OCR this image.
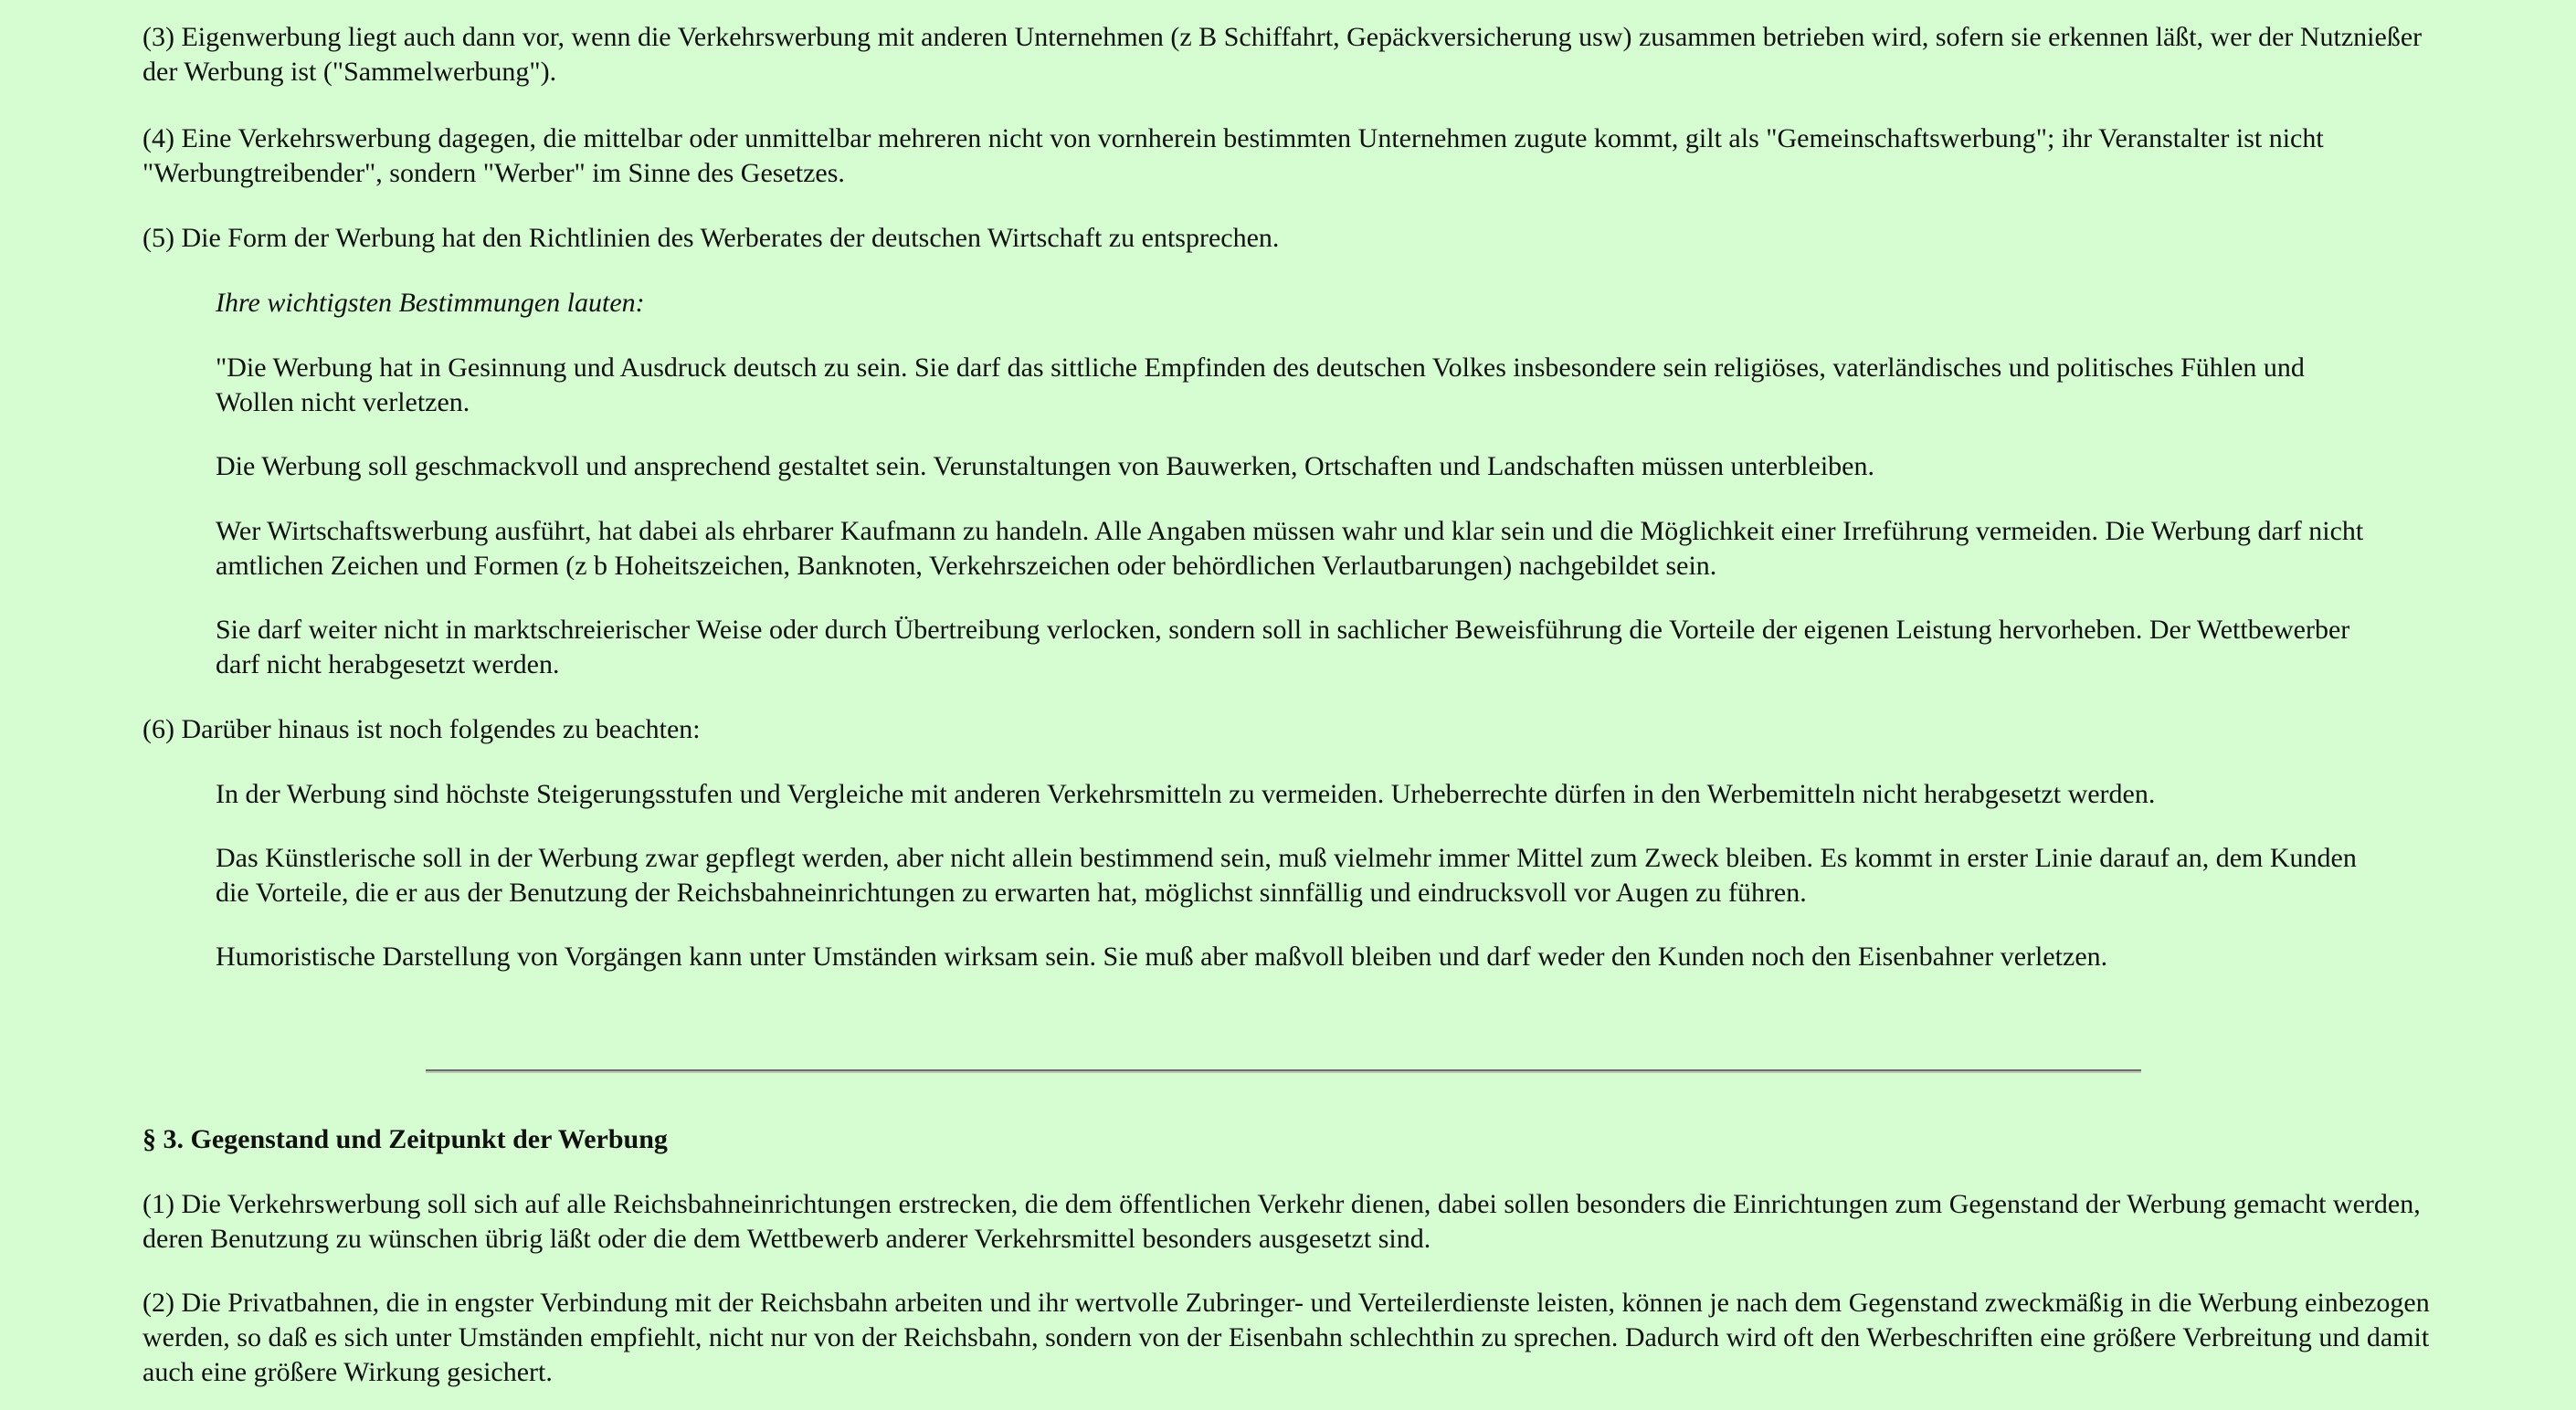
(3) Eigenwerbung liegt auch dann vor, wenn die Verkehrswerbung mit anderen Unternehmen (z B Schiffahrt, Gepäckversicherung usw) zusammen betrieben wird, sofern sie erkennen läßt, wer der Nutznießer der Werbung ist ("Sammelwerbung").

(4) Eine Verkehrswerbung dagegen, die mittelbar oder unmittelbar mehreren nicht von vornherein bestimmten Unternehmen zugute kommt, gilt als "Gemeinschaftswerbung"; ihr Veranstalter ist nicht "Werbungtreibender", sondern "Werber" im Sinne des Gesetzes.

(5) Die Form der Werbung hat den Richtlinien des Werberates der deutschen Wirtschaft zu entsprechen.

Ihre wichtigsten Bestimmungen lauten:

"Die Werbung hat in Gesinnung und Ausdruck deutsch zu sein. Sie darf das sittliche Empfinden des deutschen Volkes insbesondere sein religiöses, vaterländisches und politisches Fühlen und Wollen nicht verletzen.

Die Werbung soll geschmackvoll und ansprechend gestaltet sein. Verunstaltungen von Bauwerken, Ortschaften und Landschaften müssen unterbleiben.

Wer Wirtschaftswerbung ausführt, hat dabei als ehrbarer Kaufmann zu handeln. Alle Angaben müssen wahr und klar sein und die Möglichkeit einer Irreführung vermeiden. Die Werbung darf nicht amtlichen Zeichen und Formen (z b Hoheitszeichen, Banknoten, Verkehrszeichen oder behördlichen Verlautbarungen) nachgebildet sein.

Sie darf weiter nicht in marktschreierischer Weise oder durch Übertreibung verlocken, sondern soll in sachlicher Beweisführung die Vorteile der eigenen Leistung hervorheben. Der Wettbewerber darf nicht herabgesetzt werden.

(6) Darüber hinaus ist noch folgendes zu beachten:

In der Werbung sind höchste Steigerungsstufen und Vergleiche mit anderen Verkehrsmitteln zu vermeiden. Urheberrechte dürfen in den Werbemitteln nicht herabgesetzt werden.

Das Künstlerische soll in der Werbung zwar gepflegt werden, aber nicht allein bestimmend sein, muß vielmehr immer Mittel zum Zweck bleiben. Es kommt in erster Linie darauf an, dem Kunden die Vorteile, die er aus der Benutzung der Reichsbahneinrichtungen zu erwarten hat, möglichst sinnfällig und eindrucksvoll vor Augen zu führen.

Humoristische Darstellung von Vorgängen kann unter Umständen wirksam sein. Sie muß aber maßvoll bleiben und darf weder den Kunden noch den Eisenbahner verletzen.

§ 3. Gegenstand und Zeitpunkt der Werbung

(1) Die Verkehrswerbung soll sich auf alle Reichsbahneinrichtungen erstrecken, die dem öffentlichen Verkehr dienen, dabei sollen besonders die Einrichtungen zum Gegenstand der Werbung gemacht werden, deren Benutzung zu wünschen übrig läßt oder die dem Wettbewerb anderer Verkehrsmittel besonders ausgesetzt sind.

(2) Die Privatbahnen, die in engster Verbindung mit der Reichsbahn arbeiten und ihr wertvolle Zubringer- und Verteilerdienste leisten, können je nach dem Gegenstand zweckmäßig in die Werbung einbezogen werden, so daß es sich unter Umständen empfiehlt, nicht nur von der Reichsbahn, sondern von der Eisenbahn schlechthin zu sprechen. Dadurch wird oft den Werbeschriften eine größere Verbreitung und damit auch eine größere Wirkung gesichert.
